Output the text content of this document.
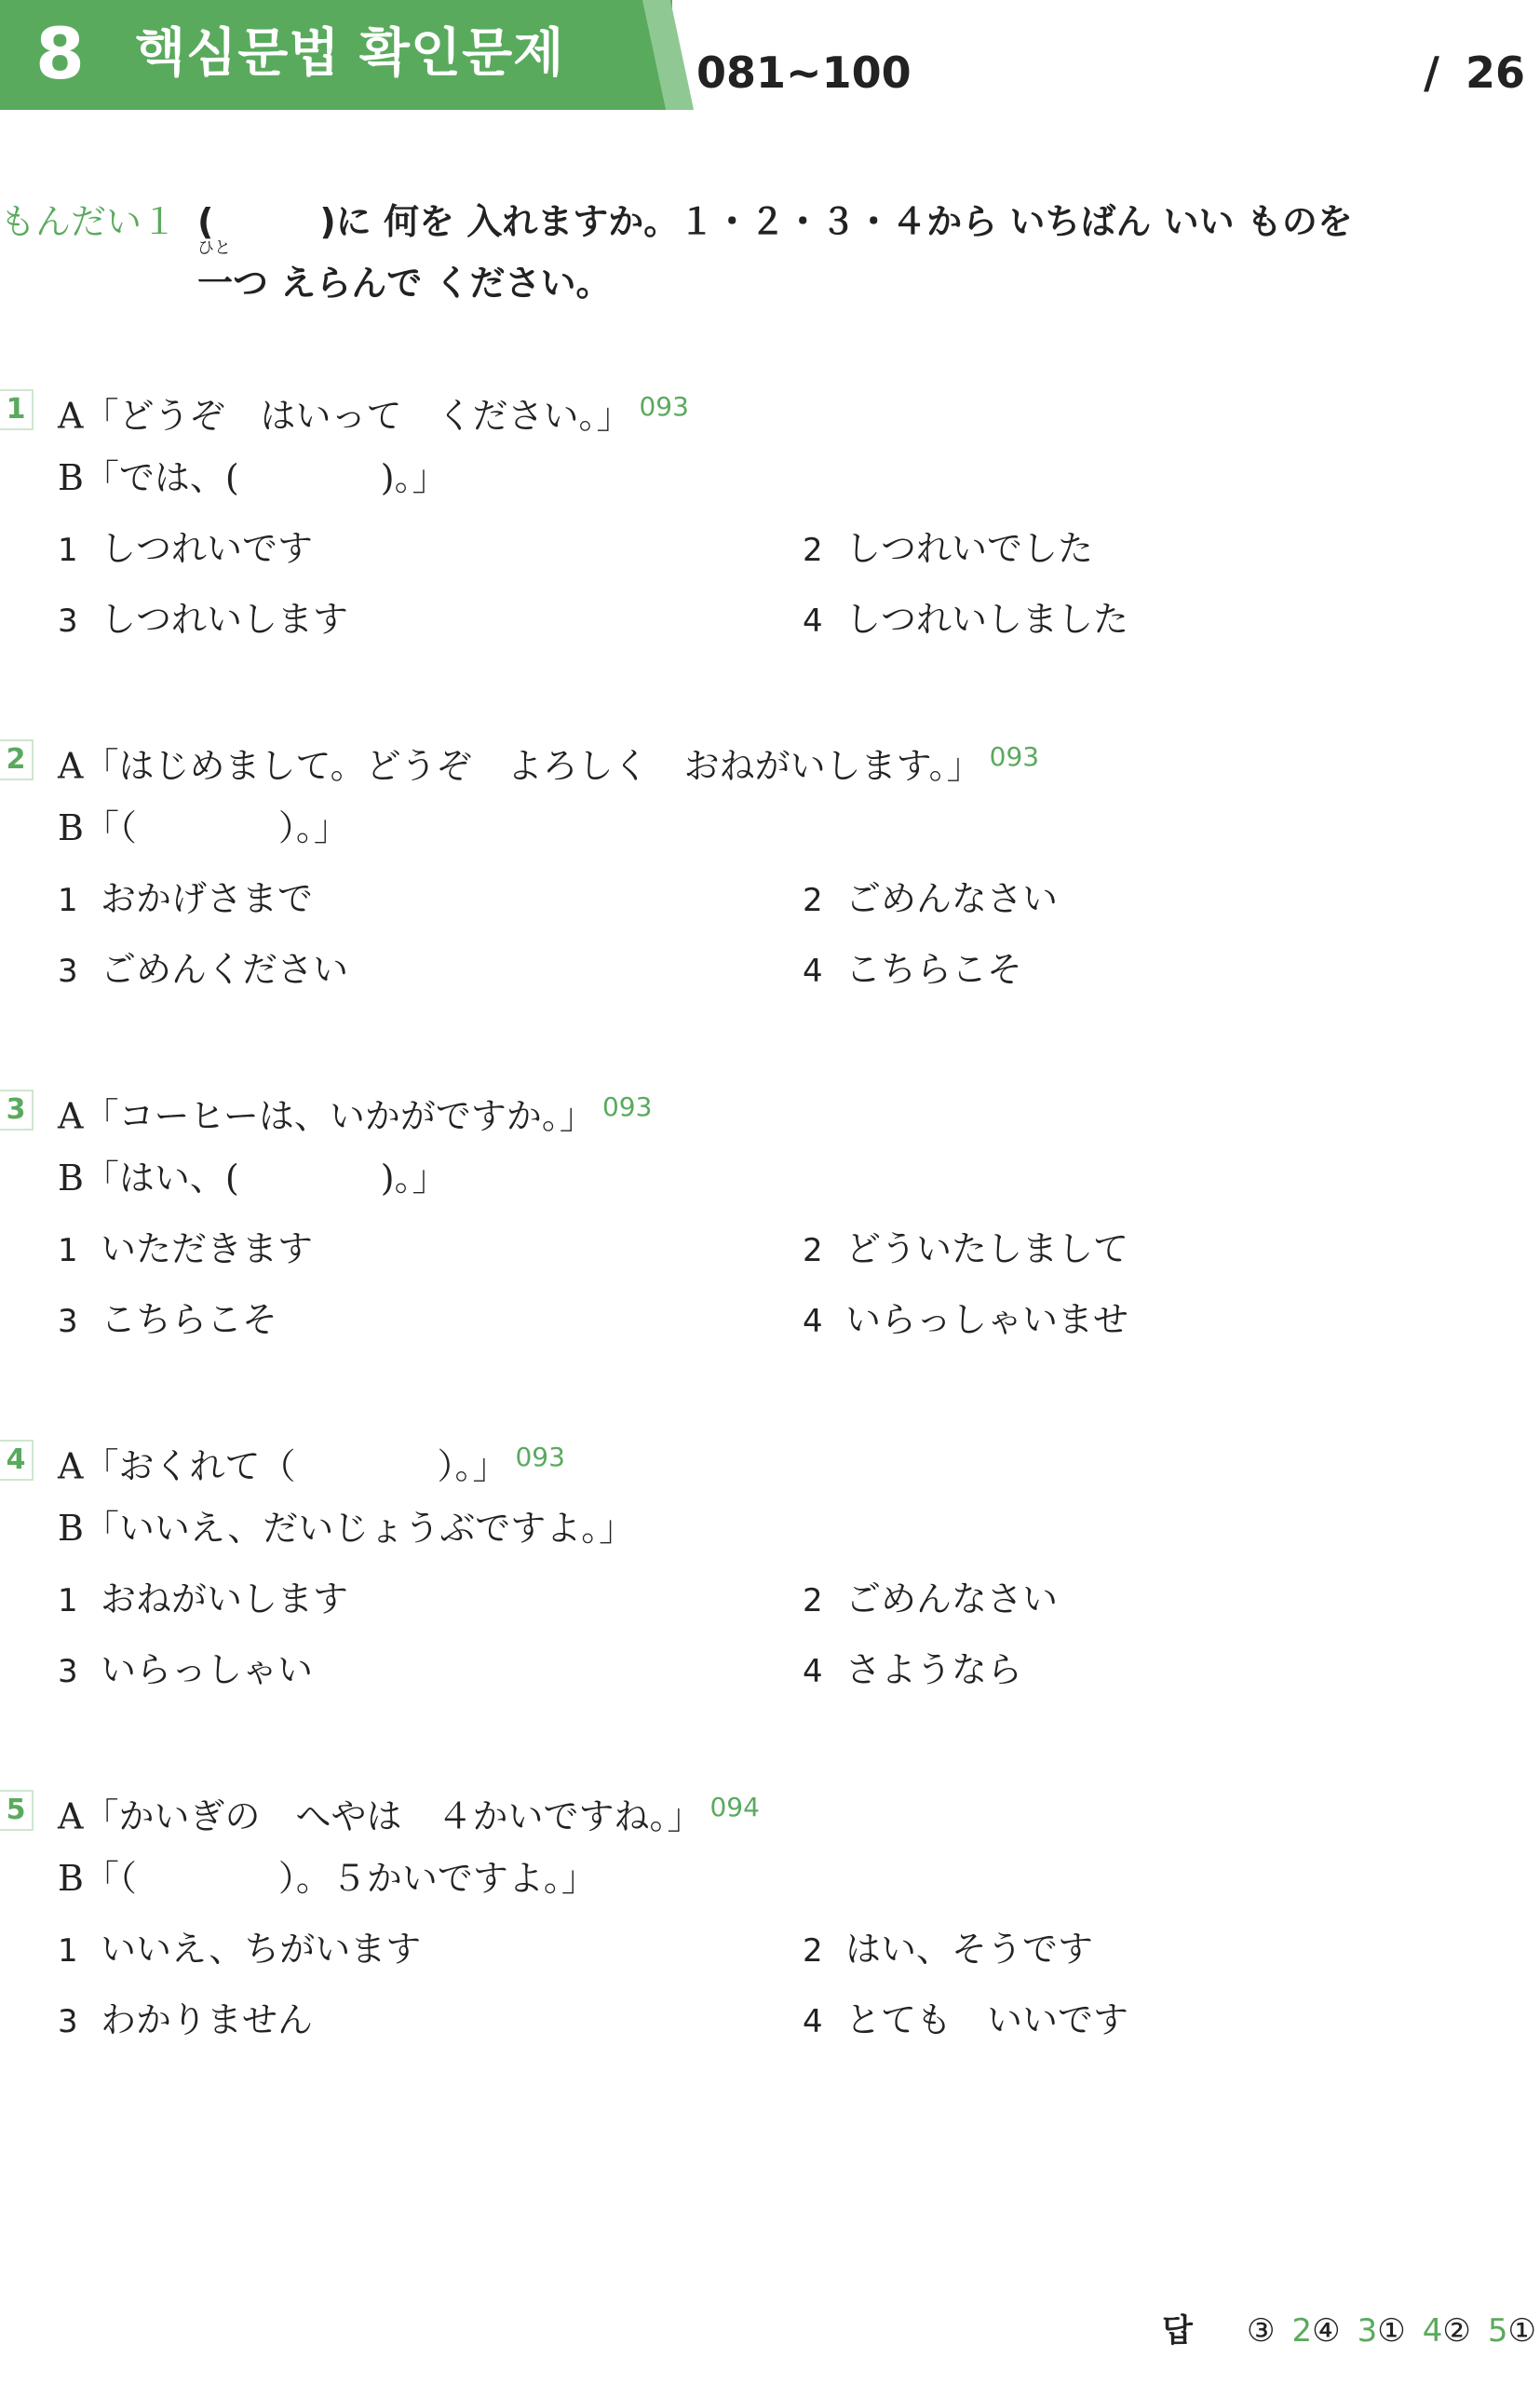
8 핵심문법 확인문제	081~100	/ 26
もんだい１ (　　　)に 何を 入れますか。１・２・３・４から いちばん いい ものを
ひと
一つ えらんで ください。
1 A「どうぞ　はいって　ください。」 $^{093}$
B「では、(　　　　)。」
1 しつれいです	2 しつれいでした
3 しつれいします	4 しつれいしました
2 A「はじめまして。どうぞ　よろしく　おねがいします。」 $^{093}$
B「（　　　　）。」
1 おかげさまで	2 ごめんなさい
3 ごめんください	4 こちらこそ
3 A「コーヒーは、いかがですか。」 $^{093}$
B「はい、(　　　　)。」
1 いただきます	2 どういたしまして
3 こちらこそ	4 いらっしゃいませ
4 A「おくれて（　　　　）。」 $^{093}$
B「いいえ、だいじょうぶですよ。」
1 おねがいします	2 ごめんなさい
3 いらっしゃい	4 さようなら
5 A「かいぎの　へやは　４かいですね。」 $^{094}$
B「（　　　　）。５かいですよ。」
1 いいえ、ちがいます	2 はい、そうです
3 わかりません	4 とても　いいです
답 ③ 2④ 3① 4② 5①
